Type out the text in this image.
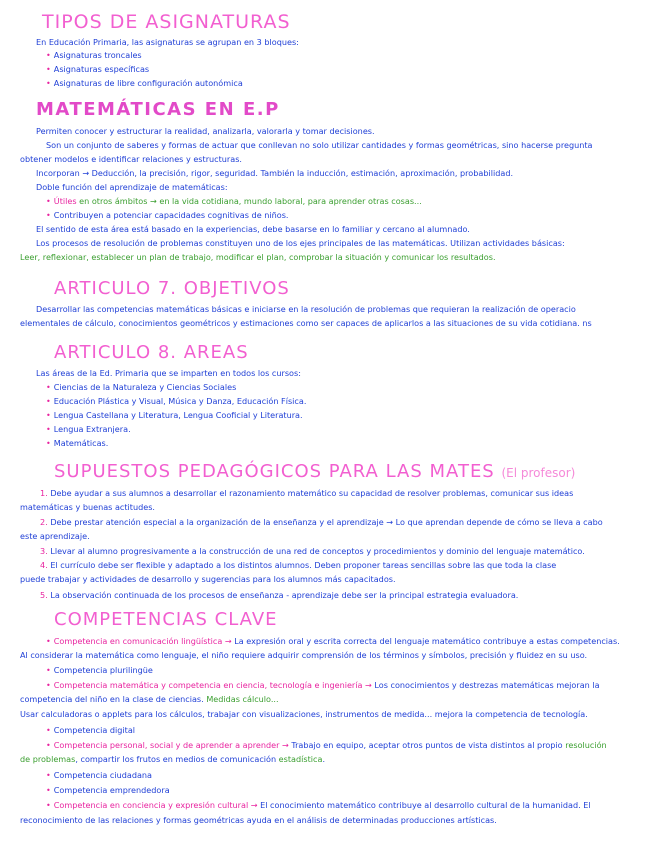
TIPOS DE ASIGNATURAS
En Educación Primaria, las asignaturas se agrupan en 3 bloques:
• Asignaturas troncales
• Asignaturas específicas
• Asignaturas de libre configuración autonómica
MATEMÁTICAS EN E.P
Permiten conocer y estructurar la realidad, analizarla, valorarla y tomar decisiones.
Son un conjunto de saberes y formas de actuar que conllevan no solo utilizar cantidades y formas geométricas, sino hacerse pregunta
obtener modelos e identificar relaciones y estructuras.
Incorporan → Deducción, la precisión, rigor, seguridad. También la inducción, estimación, aproximación, probabilidad.
Doble función del aprendizaje de matemáticas:
• Útiles en otros ámbitos → en la vida cotidiana, mundo laboral, para aprender otras cosas...
• Contribuyen a potenciar capacidades cognitivas de niños.
El sentido de esta área está basado en la experiencias, debe basarse en lo familiar y cercano al alumnado.
Los procesos de resolución de problemas constituyen uno de los ejes principales de las matemáticas. Utilizan actividades básicas:
Leer, reflexionar, establecer un plan de trabajo, modificar el plan, comprobar la situación y comunicar los resultados.
ARTICULO 7. OBJETIVOS
Desarrollar las competencias matemáticas básicas e iniciarse en la resolución de problemas que requieran la realización de operacio
elementales de cálculo, conocimientos geométricos y estimaciones como ser capaces de aplicarlos a las situaciones de su vida cotidiana. ns
ARTICULO 8. AREAS
Las áreas de la Ed. Primaria que se imparten en todos los cursos:
• Ciencias de la Naturaleza y Ciencias Sociales
• Educación Plástica y Visual, Música y Danza, Educación Física.
• Lengua Castellana y Literatura, Lengua Cooficial y Literatura.
• Lengua Extranjera.
• Matemáticas.
SUPUESTOS PEDAGÓGICOS PARA LAS MATES (El profesor)
1. Debe ayudar a sus alumnos a desarrollar el razonamiento matemático su capacidad de resolver problemas, comunicar sus ideas
matemáticas y buenas actitudes.
2. Debe prestar atención especial a la organización de la enseñanza y el aprendizaje → Lo que aprendan depende de cómo se lleva a cabo
este aprendizaje.
3. Llevar al alumno progresivamente a la construcción de una red de conceptos y procedimientos y dominio del lenguaje matemático.
4. El currículo debe ser flexible y adaptado a los distintos alumnos. Deben proponer tareas sencillas sobre las que toda la clase
puede trabajar y actividades de desarrollo y sugerencias para los alumnos más capacitados.
5. La observación continuada de los procesos de enseñanza - aprendizaje debe ser la principal estrategia evaluadora.
COMPETENCIAS CLAVE
• Competencia en comunicación lingüística → La expresión oral y escrita correcta del lenguaje matemático contribuye a estas competencias.
Al considerar la matemática como lenguaje, el niño requiere adquirir comprensión de los términos y símbolos, precisión y fluidez en su uso.
• Competencia plurilingüe
• Competencia matemática y competencia en ciencia, tecnología e ingeniería → Los conocimientos y destrezas matemáticas mejoran la
competencia del niño en la clase de ciencias. Medidas cálculo...
Usar calculadoras o applets para los cálculos, trabajar con visualizaciones, instrumentos de medida... mejora la competencia de tecnología.
• Competencia digital
• Competencia personal, social y de aprender a aprender → Trabajo en equipo, aceptar otros puntos de vista distintos al propio resolución
de problemas, compartir los frutos en medios de comunicación estadística.
• Competencia ciudadana
• Competencia emprendedora
• Competencia en conciencia y expresión cultural → El conocimiento matemático contribuye al desarrollo cultural de la humanidad. El
reconocimiento de las relaciones y formas geométricas ayuda en el análisis de determinadas producciones artísticas.
